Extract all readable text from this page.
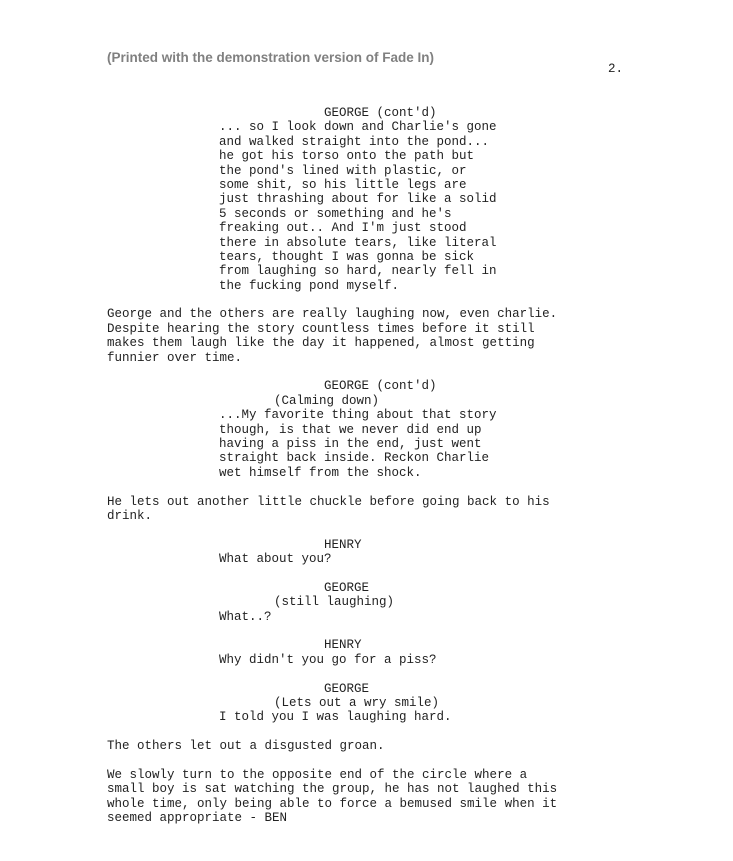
(Printed with the demonstration version of Fade In)
2.
GEORGE (cont'd)
... so I look down and Charlie's gone
and walked straight into the pond...
he got his torso onto the path but
the pond's lined with plastic, or
some shit, so his little legs are
just thrashing about for like a solid
5 seconds or something and he's
freaking out.. And I'm just stood
there in absolute tears, like literal
tears, thought I was gonna be sick
from laughing so hard, nearly fell in
the fucking pond myself.
George and the others are really laughing now, even charlie.
Despite hearing the story countless times before it still
makes them laugh like the day it happened, almost getting
funnier over time.
GEORGE (cont'd)
(Calming down)
...My favorite thing about that story
though, is that we never did end up
having a piss in the end, just went
straight back inside. Reckon Charlie
wet himself from the shock.
He lets out another little chuckle before going back to his
drink.
HENRY
What about you?
GEORGE
(still laughing)
What..?
HENRY
Why didn't you go for a piss?
GEORGE
(Lets out a wry smile)
I told you I was laughing hard.
The others let out a disgusted groan.
We slowly turn to the opposite end of the circle where a
small boy is sat watching the group, he has not laughed this
whole time, only being able to force a bemused smile when it
seemed appropriate - BEN
